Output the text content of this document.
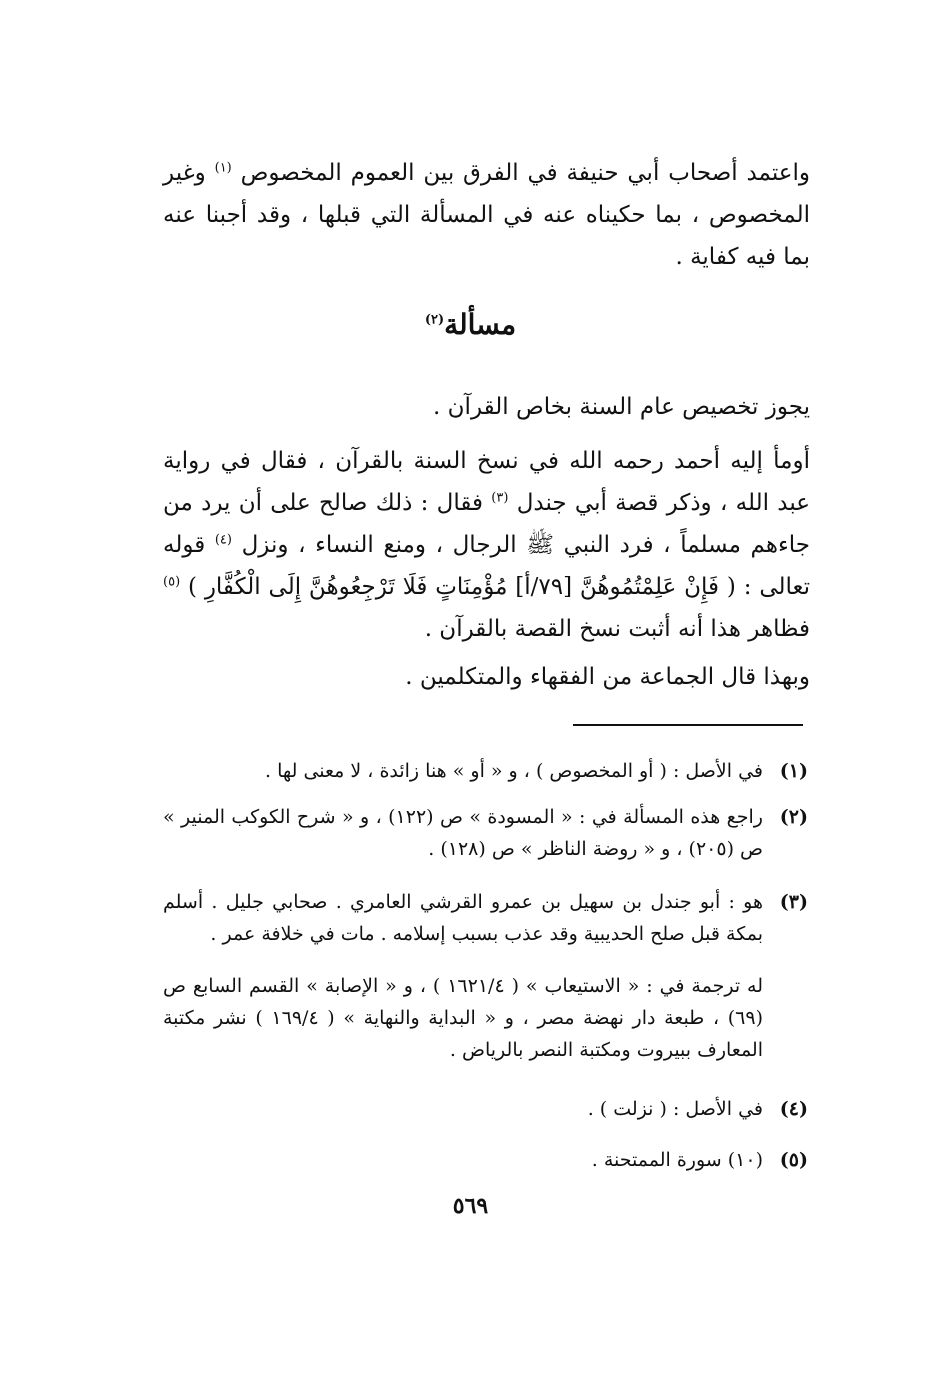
واعتمد أصحاب أبي حنيفة في الفرق بين العموم المخصوص $^{(١)}$ وغير المخصوص ، بما حكيناه عنه في المسألة التي قبلها ، وقد أجبنا عنه بما فيه كفاية .

مسألة$^{(٢)}$

يجوز تخصيص عام السنة بخاص القرآن .

أومأ إليه أحمد رحمه الله في نسخ السنة بالقرآن ، فقال في رواية عبد الله ، وذكر قصة أبي جندل $^{(٣)}$ فقال : ذلك صالح على أن يرد من جاءهم مسلماً ، فرد النبي ﷺ الرجال ، ومنع النساء ، ونزل $^{(٤)}$ قوله تعالى : ( فَإِنْ عَلِمْتُمُوهُنَّ [٧٩/أ] مُؤْمِنَاتٍ فَلَا تَرْجِعُوهُنَّ إِلَى الْكُفَّارِ ) $^{(٥)}$ فظاهر هذا أنه أثبت نسخ القصة بالقرآن .

وبهذا قال الجماعة من الفقهاء والمتكلمين .

(١)
في الأصل : ( أو المخصوص ) ، و « أو » هنا زائدة ، لا معنى لها .
(٢)
راجع هذه المسألة في : « المسودة » ص (١٢٢) ، و « شرح الكوكب المنير » ص (٢٠٥) ، و « روضة الناظر » ص (١٢٨) .
(٣)
هو : أبو جندل بن سهيل بن عمرو القرشي العامري . صحابي جليل . أسلم بمكة قبل صلح الحديبية وقد عذب بسبب إسلامه . مات في خلافة عمر .
له ترجمة في : « الاستيعاب » ( ١٦٢١/٤ ) ، و « الإصابة » القسم السابع ص (٦٩) ، طبعة دار نهضة مصر ، و « البداية والنهاية » ( ١٦٩/٤ ) نشر مكتبة المعارف ببيروت ومكتبة النصر بالرياض .
(٤)
في الأصل : ( نزلت ) .
(٥)
(١٠) سورة الممتحنة .

٥٦٩
